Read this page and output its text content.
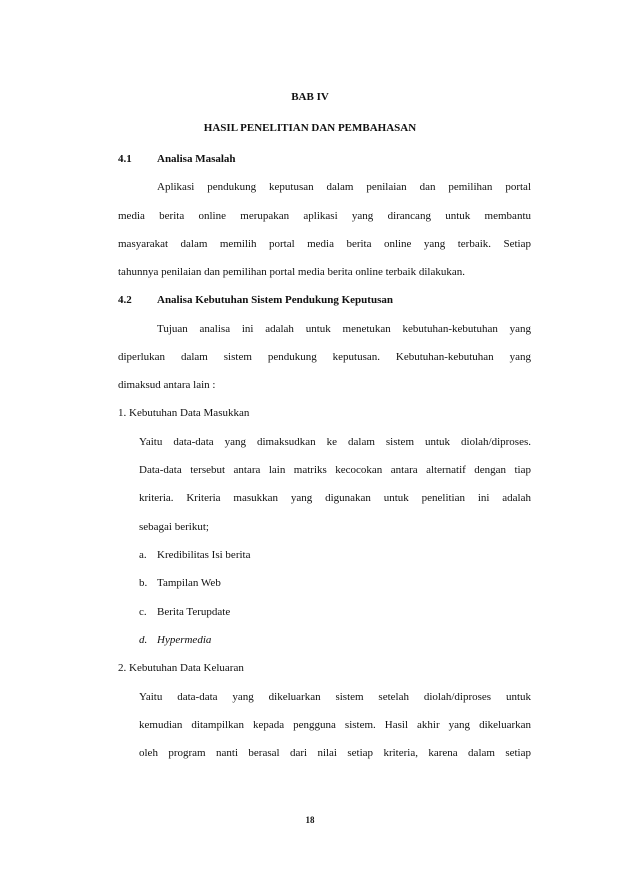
BAB IV
HASIL PENELITIAN DAN PEMBAHASAN
4.1 Analisa Masalah
Aplikasi pendukung keputusan dalam penilaian dan pemilihan portal
media berita online merupakan aplikasi yang dirancang untuk membantu
masyarakat dalam memilih portal media berita online yang terbaik. Setiap
tahunnya penilaian dan pemilihan portal media berita online terbaik dilakukan.
4.2 Analisa Kebutuhan Sistem Pendukung Keputusan
Tujuan analisa ini adalah untuk menetukan kebutuhan-kebutuhan yang
diperlukan dalam sistem pendukung keputusan. Kebutuhan-kebutuhan yang
dimaksud antara lain :
1. Kebutuhan Data Masukkan
Yaitu data-data yang dimaksudkan ke dalam sistem untuk diolah/diproses.
Data-data tersebut antara lain matriks kecocokan antara alternatif dengan tiap
kriteria. Kriteria masukkan yang digunakan untuk penelitian ini adalah
sebagai berikut;
a. Kredibilitas Isi berita
b. Tampilan Web
c. Berita Terupdate
d. Hypermedia
2. Kebutuhan Data Keluaran
Yaitu data-data yang dikeluarkan sistem setelah diolah/diproses untuk
kemudian ditampilkan kepada pengguna sistem. Hasil akhir yang dikeluarkan
oleh program nanti berasal dari nilai setiap kriteria, karena dalam setiap
18
